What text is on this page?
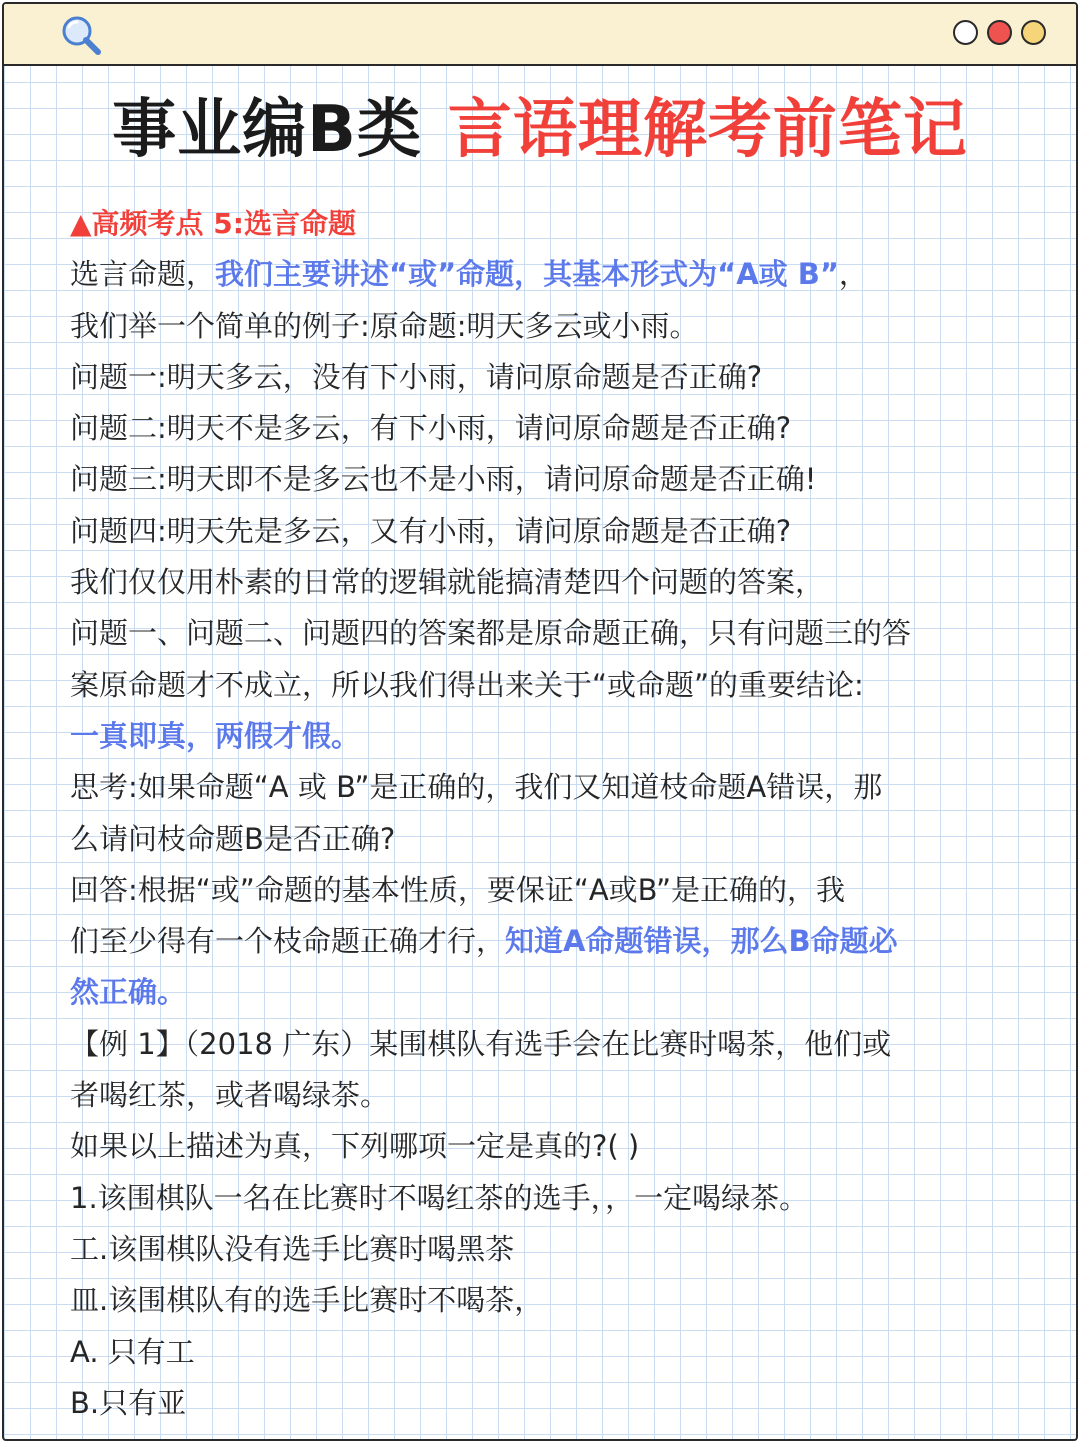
事业编B类 言语理解考前笔记
▲高频考点 5:选言命题
选言命题，我们主要讲述“或”命题，其基本形式为“A或 B”，
我们举一个简单的例子:原命题:明天多云或小雨。
问题一:明天多云，没有下小雨，请问原命题是否正确?
问题二:明天不是多云，有下小雨，请问原命题是否正确?
问题三:明天即不是多云也不是小雨，请问原命题是否正确!
问题四:明天先是多云，又有小雨，请问原命题是否正确?
我们仅仅用朴素的日常的逻辑就能搞清楚四个问题的答案，
问题一、问题二、问题四的答案都是原命题正确，只有问题三的答
案原命题才不成立，所以我们得出来关于“或命题”的重要结论:
一真即真，两假才假。
思考:如果命题“A 或 B”是正确的，我们又知道枝命题A错误，那
么请问枝命题B是否正确?
回答:根据“或”命题的基本性质，要保证“A或B”是正确的，我
们至少得有一个枝命题正确才行，知道A命题错误，那么B命题必
然正确。
【例 1】（2018 广东）某围棋队有选手会在比赛时喝茶，他们或
者喝红茶，或者喝绿茶。
如果以上描述为真，下列哪项一定是真的?( )
1.该围棋队一名在比赛时不喝红茶的选手，，一定喝绿茶。
工.该围棋队没有选手比赛时喝黑茶
皿.该围棋队有的选手比赛时不喝茶，
A. 只有工
B.只有亚
